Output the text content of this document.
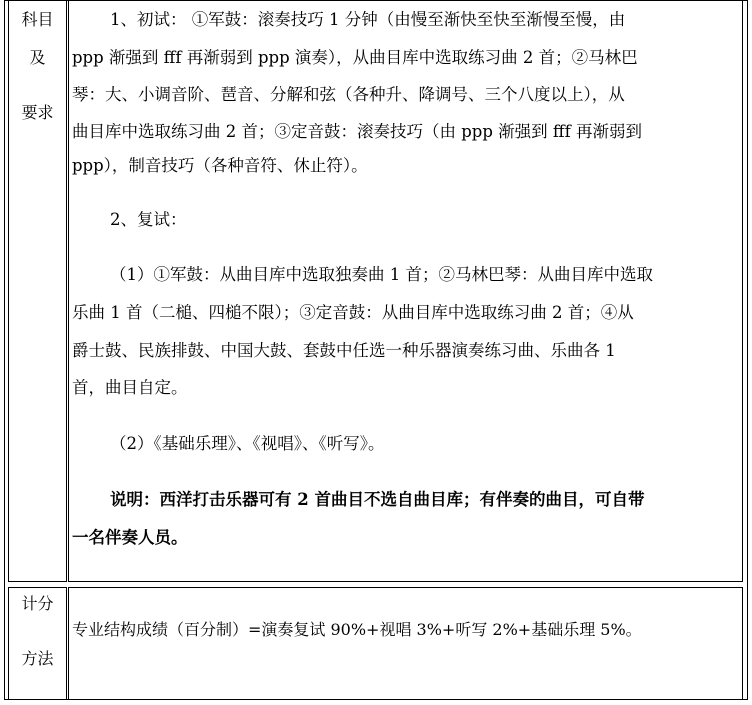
科目
及
要求
1、初试： ①军鼓：滚奏技巧 1 分钟（由慢至渐快至快至渐慢至慢，由
ppp 渐强到 fff 再渐弱到 ppp 演奏），从曲目库中选取练习曲 2 首；②马林巴
琴：大、小调音阶、琶音、分解和弦（各种升、降调号、三个八度以上），从
曲目库中选取练习曲 2 首；③定音鼓：滚奏技巧（由 ppp 渐强到 fff 再渐弱到
ppp），制音技巧（各种音符、休止符）。
2、复试：
（1）①军鼓：从曲目库中选取独奏曲 1 首；②马林巴琴：从曲目库中选取
乐曲 1 首（二槌、四槌不限）；③定音鼓：从曲目库中选取练习曲 2 首；④从
爵士鼓、民族排鼓、中国大鼓、套鼓中任选一种乐器演奏练习曲、乐曲各 1
首，曲目自定。
（2）《基础乐理》、《视唱》、《听写》。
说明：西洋打击乐器可有 2 首曲目不选自曲目库；有伴奏的曲目，可自带
一名伴奏人员。
计分
方法
专业结构成绩（百分制）=演奏复试 90%+视唱 3%+听写 2%+基础乐理 5%。
